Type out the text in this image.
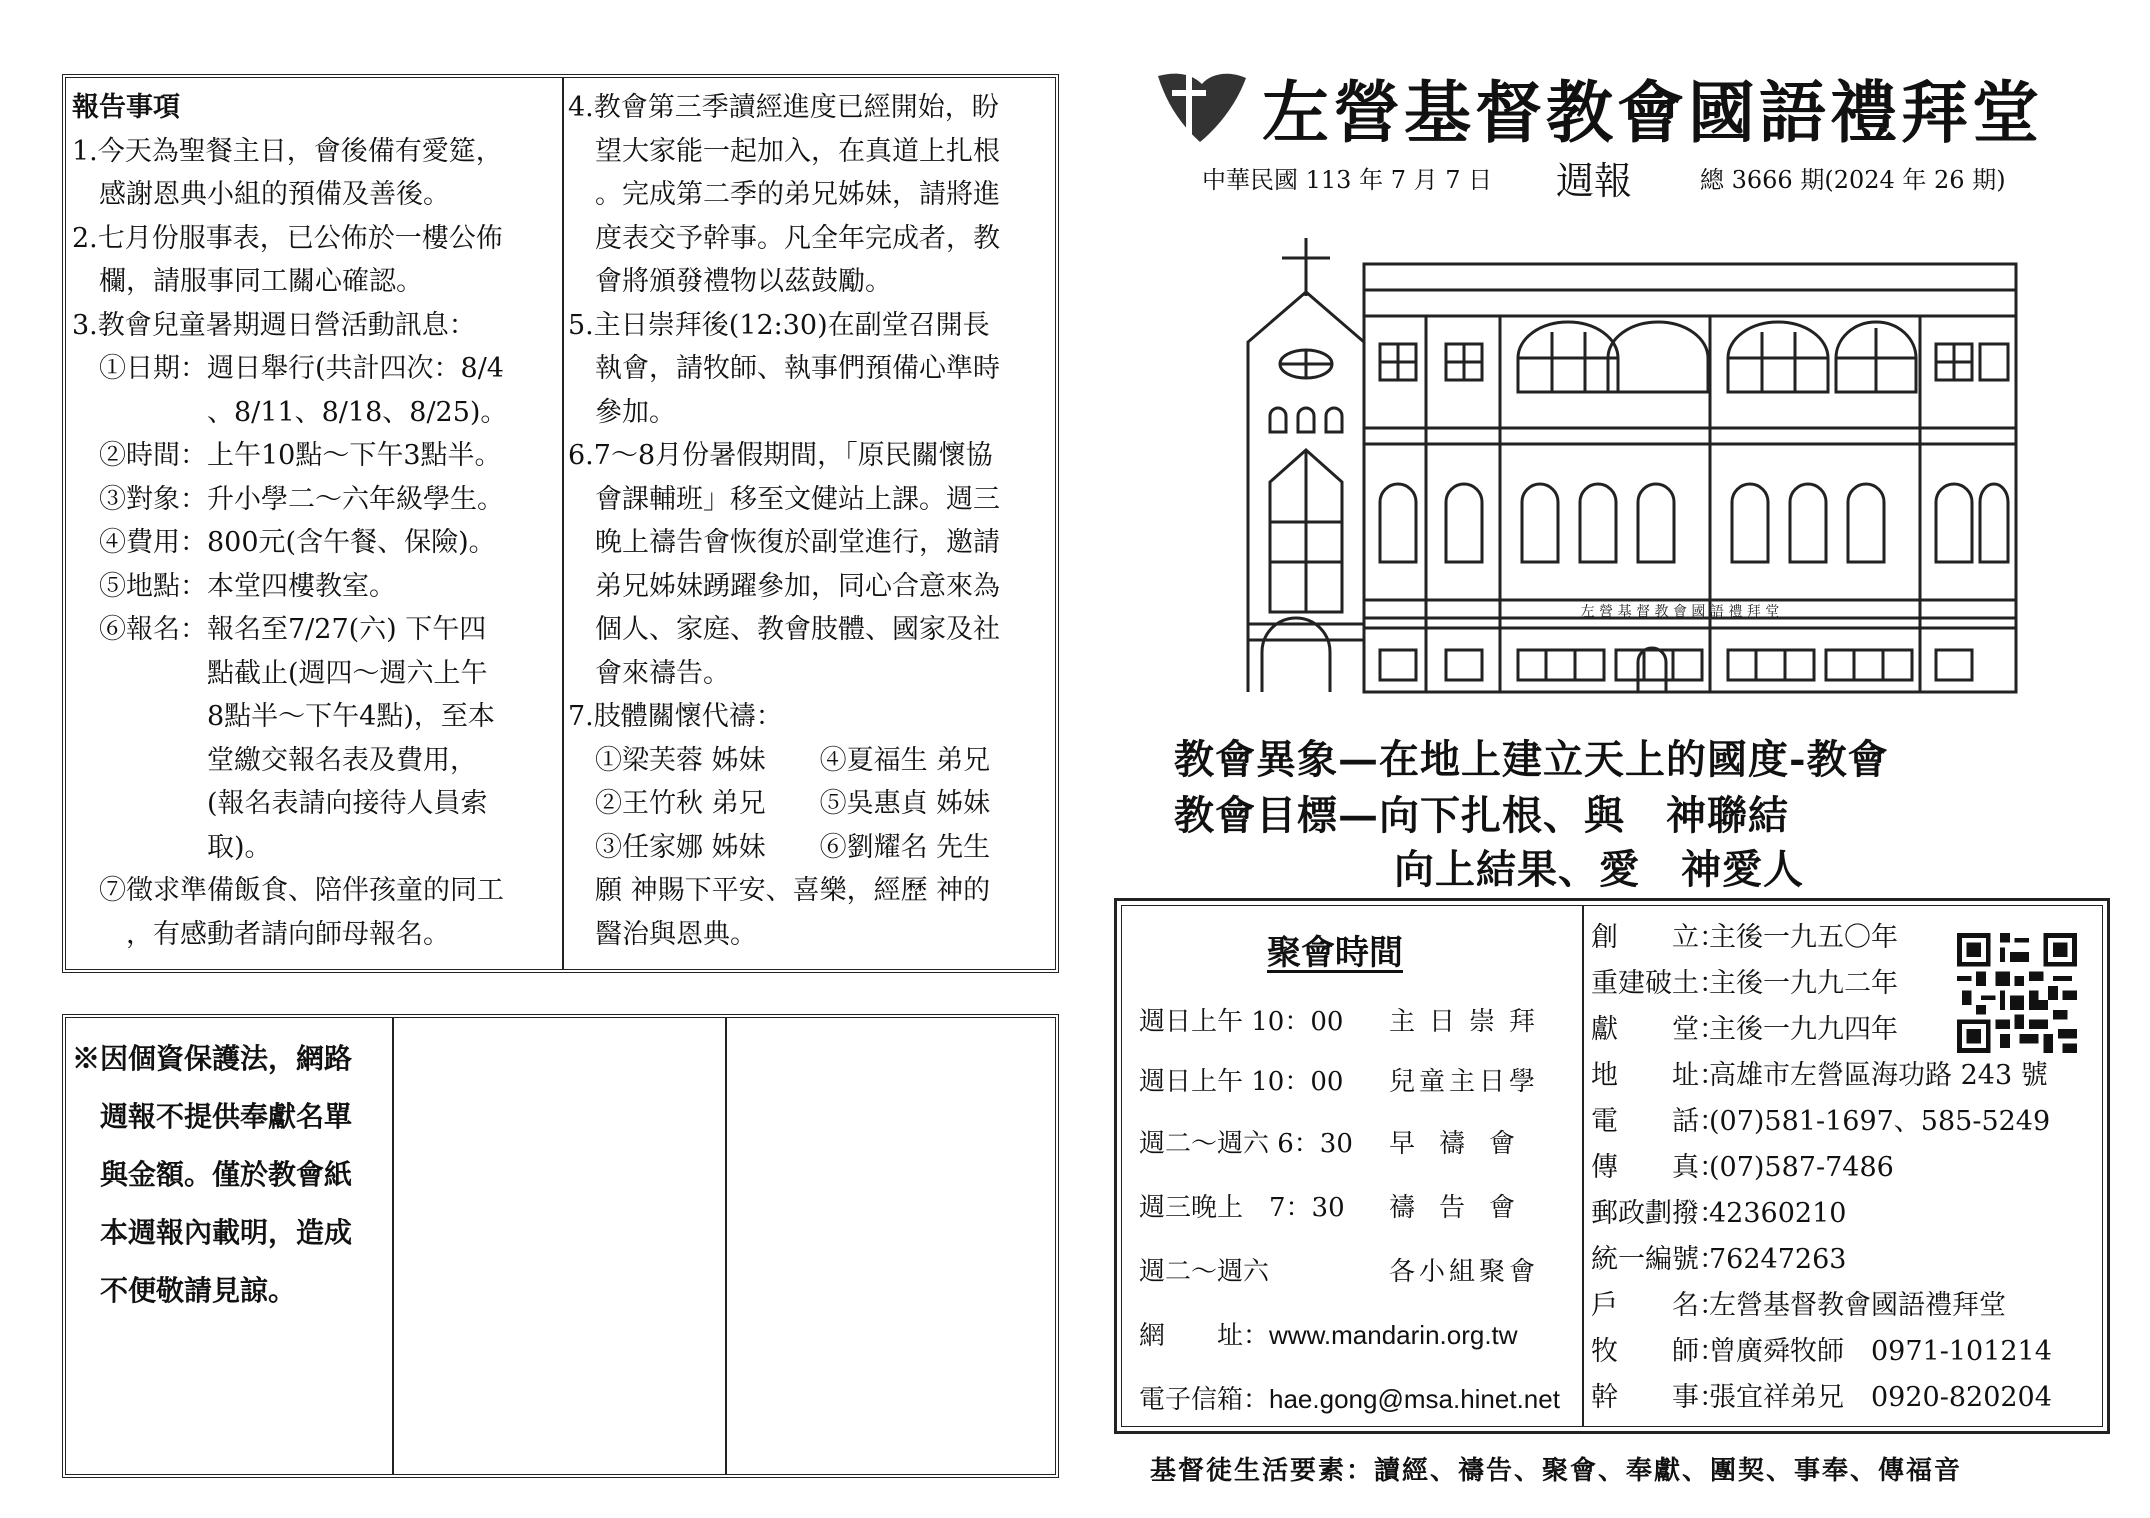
報告事項
1.今天為聖餐主日，會後備有愛筵，
　感謝恩典小組的預備及善後。
2.七月份服事表，已公佈於一樓公佈
　欄，請服事同工關心確認。
3.教會兒童暑期週日營活動訊息：
　①日期：週日舉行(共計四次：8/4
　　　　　、8/11、8/18、8/25)。
　②時間：上午10點～下午3點半。
　③對象：升小學二～六年級學生。
　④費用：800元(含午餐、保險)。
　⑤地點：本堂四樓教室。
　⑥報名：報名至7/27(六) 下午四
　　　　　點截止(週四～週六上午
　　　　　8點半～下午4點)，至本
　　　　　堂繳交報名表及費用，
　　　　　(報名表請向接待人員索
　　　　　取)。
　⑦徵求準備飯食、陪伴孩童的同工
　　，有感動者請向師母報名。
4.教會第三季讀經進度已經開始，盼
　望大家能一起加入，在真道上扎根
　。完成第二季的弟兄姊妹，請將進
　度表交予幹事。凡全年完成者，教
　會將頒發禮物以茲鼓勵。
5.主日崇拜後(12:30)在副堂召開長
　執會，請牧師、執事們預備心準時
　參加。
6.7～8月份暑假期間，「原民關懷協
　會課輔班」移至文健站上課。週三
　晚上禱告會恢復於副堂進行，邀請
　弟兄姊妹踴躍參加，同心合意來為
　個人、家庭、教會肢體、國家及社
　會來禱告。
7.肢體關懷代禱：
　①梁芙蓉 姊妹　　④夏福生 弟兄
　②王竹秋 弟兄　　⑤吳惠貞 姊妹
　③任家娜 姊妹　　⑥劉耀名 先生
　願 神賜下平安、喜樂，經歷 神的
　醫治與恩典。
※因個資保護法，網路
　週報不提供奉獻名單
　與金額。僅於教會紙
　本週報內載明，造成
　不便敬請見諒。
左營基督教會國語禮拜堂
中華民國 113 年 7 月 7 日 週報	總 3666 期(2024 年 26 期)
左 營 基 督 教 會 國 語 禮 拜 堂
教會異象—在地上建立天上的國度-教會
教會目標—向下扎根、與　神聯結
向上結果、愛　神愛人
聚會時間
週日上午 10：00 主日崇拜
週日上午 10：00 兒童主日學
週二～週六 6：30 早禱會
週三晚上　7：30 禱告會
週二～週六	各小組聚會
網　　址：www.mandarin.org.tw
電子信箱：hae.gong@msa.hinet.net
創　　立：主後一九五〇年
重建破土：主後一九九二年
獻　　堂：主後一九九四年
地　　址：高雄市左營區海功路 243 號
電　　話：(07)581-1697、585-5249
傳　　真：(07)587-7486
郵政劃撥：42360210
統一編號：76247263
戶　　名：左營基督教會國語禮拜堂
牧　　師：曾廣舜牧師　0971-101214
幹　　事：張宜祥弟兄　0920-820204
基督徒生活要素：讀經、禱告、聚會、奉獻、團契、事奉、傳福音
